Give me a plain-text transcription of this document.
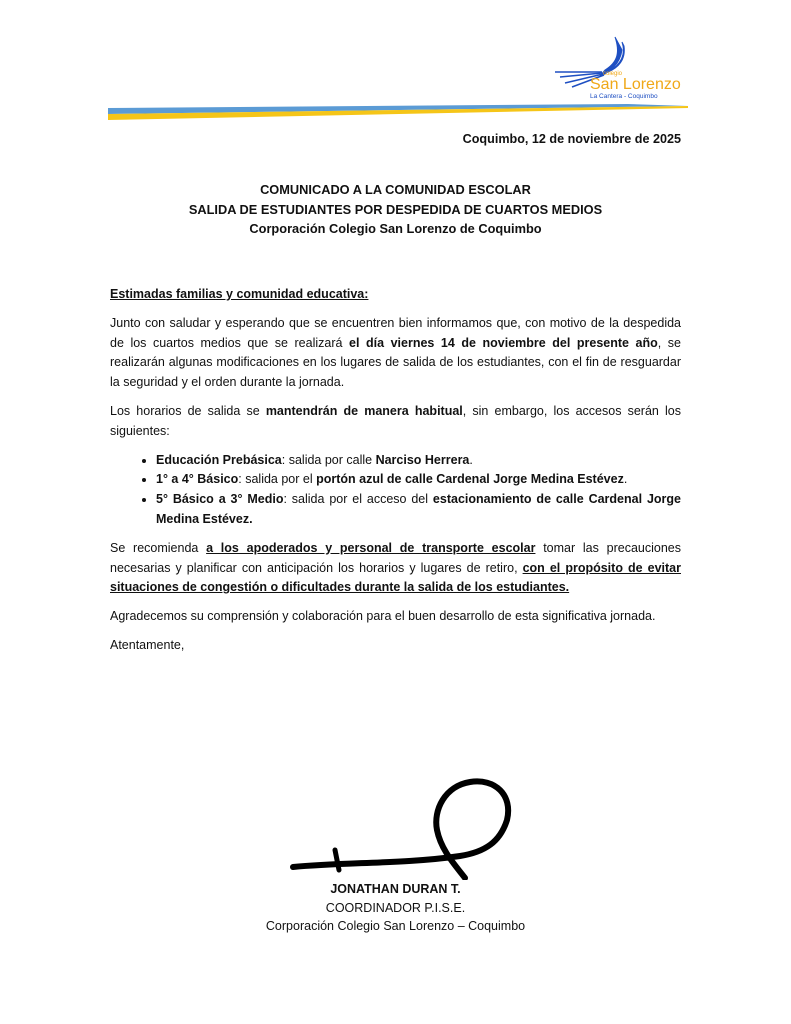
colegio
San Lorenzo
La Cantera - Coquimbo
Coquimbo, 12 de noviembre de 2025
COMUNICADO A LA COMUNIDAD ESCOLAR
SALIDA DE ESTUDIANTES POR DESPEDIDA DE CUARTOS MEDIOS
Corporación Colegio San Lorenzo de Coquimbo

Estimadas familias y comunidad educativa:

Junto con saludar y esperando que se encuentren bien informamos que, con motivo de la despedida de los cuartos medios que se realizará el día viernes 14 de noviembre del presente año, se realizarán algunas modificaciones en los lugares de salida de los estudiantes, con el fin de resguardar la seguridad y el orden durante la jornada.

Los horarios de salida se mantendrán de manera habitual, sin embargo, los accesos serán los siguientes:

• Educación Prebásica: salida por calle Narciso Herrera.
• 1° a 4° Básico: salida por el portón azul de calle Cardenal Jorge Medina Estévez.
• 5° Básico a 3° Medio: salida por el acceso del estacionamiento de calle Cardenal Jorge Medina Estévez.

Se recomienda a los apoderados y personal de transporte escolar tomar las precauciones necesarias y planificar con anticipación los horarios y lugares de retiro, con el propósito de evitar situaciones de congestión o dificultades durante la salida de los estudiantes.

Agradecemos su comprensión y colaboración para el buen desarrollo de esta significativa jornada.

Atentamente,

JONATHAN DURAN T.
COORDINADOR P.I.S.E.
Corporación Colegio San Lorenzo – Coquimbo
